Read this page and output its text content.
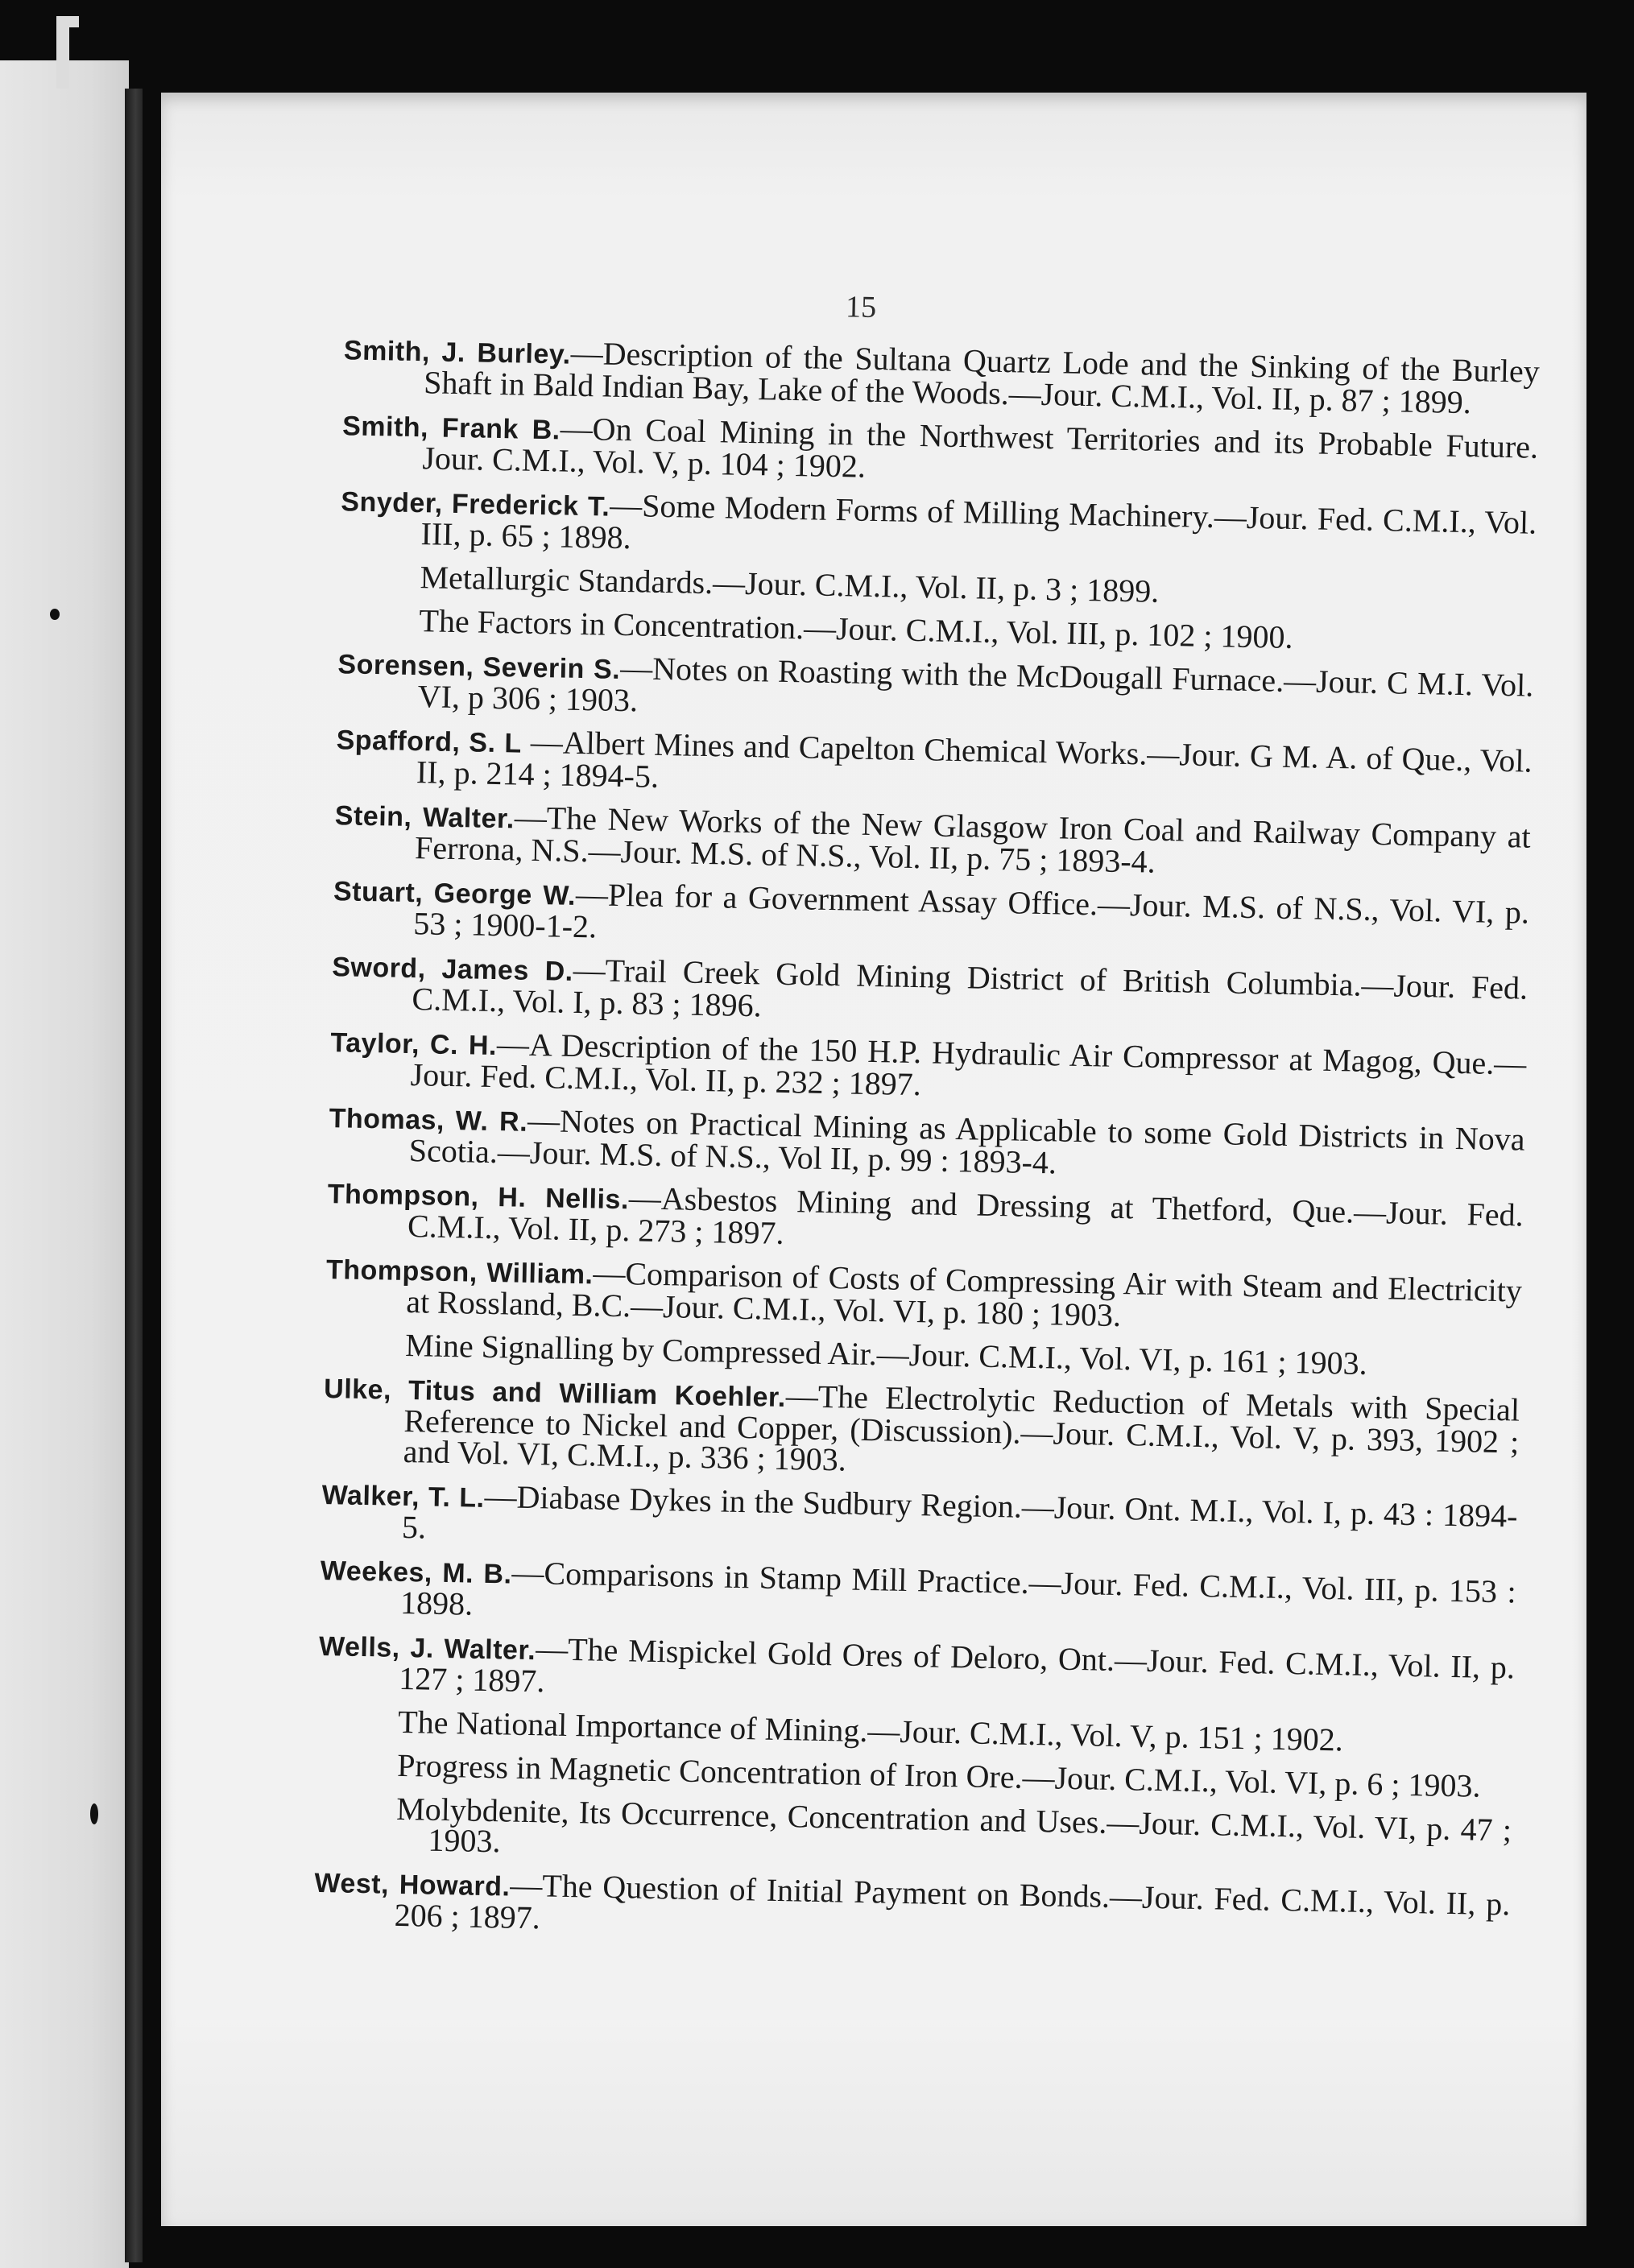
15

Smith, J. Burley.—Description of the Sultana Quartz Lode and the Sinking of the Burley Shaft in Bald Indian Bay, Lake of the Woods.—Jour. C.M.I., Vol. II, p. 87 ; 1899.

Smith, Frank B.—On Coal Mining in the Northwest Territories and its Probable Future. Jour. C.M.I., Vol. V, p. 104 ; 1902.

Snyder, Frederick T.—Some Modern Forms of Milling Machinery.—Jour. Fed. C.M.I., Vol. III, p. 65 ; 1898.

Metallurgic Standards.—Jour. C.M.I., Vol. II, p. 3 ; 1899.

The Factors in Concentration.—Jour. C.M.I., Vol. III, p. 102 ; 1900.

Sorensen, Severin S.—Notes on Roasting with the McDougall Furnace.—Jour. C M.I. Vol. VI, p 306 ; 1903.

Spafford, S. L —Albert Mines and Capelton Chemical Works.—Jour. G M. A. of Que., Vol. II, p. 214 ; 1894-5.

Stein, Walter.—The New Works of the New Glasgow Iron Coal and Railway Company at Ferrona, N.S.—Jour. M.S. of N.S., Vol. II, p. 75 ; 1893-4.

Stuart, George W.—Plea for a Government Assay Office.—Jour. M.S. of N.S., Vol. VI, p. 53 ; 1900-1-2.

Sword, James D.—Trail Creek Gold Mining District of British Columbia.—Jour. Fed. C.M.I., Vol. I, p. 83 ; 1896.

Taylor, C. H.—A Description of the 150 H.P. Hydraulic Air Compressor at Magog, Que.—Jour. Fed. C.M.I., Vol. II, p. 232 ; 1897.

Thomas, W. R.—Notes on Practical Mining as Applicable to some Gold Districts in Nova Scotia.—Jour. M.S. of N.S., Vol II, p. 99 : 1893-4.

Thompson, H. Nellis.—Asbestos Mining and Dressing at Thetford, Que.—Jour. Fed. C.M.I., Vol. II, p. 273 ; 1897.

Thompson, William.—Comparison of Costs of Compressing Air with Steam and Electricity at Rossland, B.C.—Jour. C.M.I., Vol. VI, p. 180 ; 1903.

Mine Signalling by Compressed Air.—Jour. C.M.I., Vol. VI, p. 161 ; 1903.

Ulke, Titus and William Koehler.—The Electrolytic Reduction of Metals with Special Reference to Nickel and Copper, (Discussion).—Jour. C.M.I., Vol. V, p. 393, 1902 ; and Vol. VI, C.M.I., p. 336 ; 1903.

Walker, T. L.—Diabase Dykes in the Sudbury Region.—Jour. Ont. M.I., Vol. I, p. 43 : 1894-5.

Weekes, M. B.—Comparisons in Stamp Mill Practice.—Jour. Fed. C.M.I., Vol. III, p. 153 : 1898.

Wells, J. Walter.—The Mispickel Gold Ores of Deloro, Ont.—Jour. Fed. C.M.I., Vol. II, p. 127 ; 1897.

The National Importance of Mining.—Jour. C.M.I., Vol. V, p. 151 ; 1902.

Progress in Magnetic Concentration of Iron Ore.—Jour. C.M.I., Vol. VI, p. 6 ; 1903.

Molybdenite, Its Occurrence, Concentration and Uses.—Jour. C.M.I., Vol. VI, p. 47 ; 1903.

West, Howard.—The Question of Initial Payment on Bonds.—Jour. Fed. C.M.I., Vol. II, p. 206 ; 1897.
